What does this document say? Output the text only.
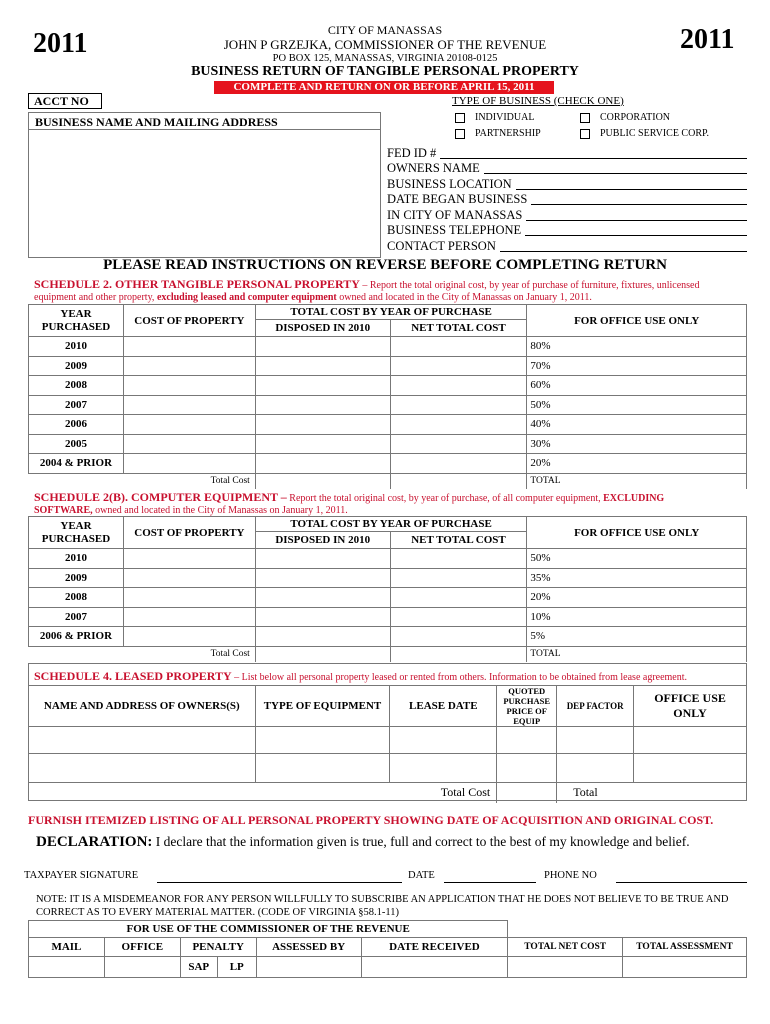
2011	2011
CITY OF MANASSAS
JOHN P GRZEJKA, COMMISSIONER OF THE REVENUE
PO BOX 125, MANASSAS, VIRGINIA 20108-0125
BUSINESS RETURN OF TANGIBLE PERSONAL PROPERTY
COMPLETE AND RETURN ON OR BEFORE APRIL 15, 2011
ACCT NO
BUSINESS NAME AND MAILING ADDRESS
TYPE OF BUSINESS (CHECK ONE)
INDIVIDUAL	CORPORATION
PARTNERSHIP	PUBLIC SERVICE CORP.
FED ID #
OWNERS NAME
BUSINESS LOCATION
DATE BEGAN BUSINESS
IN CITY OF MANASSAS
BUSINESS TELEPHONE
CONTACT PERSON
PLEASE READ INSTRUCTIONS ON REVERSE BEFORE COMPLETING RETURN
SCHEDULE 2. OTHER TANGIBLE PERSONAL PROPERTY – Report the total original cost, by year of purchase of furniture, fixtures, unlicensed
equipment and other property, excluding leased and computer equipment owned and located in the City of Manassas on January 1, 2011.
YEAR PURCHASED	COST OF PROPERTY	TOTAL COST BY YEAR OF PURCHASE		FOR OFFICE USE ONLY
		DISPOSED IN 2010	NET TOTAL COST	
2010				80%
2009				70%
2008				60%
2007				50%
2006				40%
2005				30%
2004 & PRIOR				20%
Total Cost				TOTAL
SCHEDULE 2(B). COMPUTER EQUIPMENT – Report the total original cost, by year of purchase, of all computer equipment, EXCLUDING
SOFTWARE, owned and located in the City of Manassas on January 1, 2011.
YEAR PURCHASED	COST OF PROPERTY	TOTAL COST BY YEAR OF PURCHASE		FOR OFFICE USE ONLY
		DISPOSED IN 2010	NET TOTAL COST	
2010				50%
2009				35%
2008				20%
2007				10%
2006 & PRIOR				5%
Total Cost				TOTAL
SCHEDULE 4. LEASED PROPERTY – List below all personal property leased or rented from others. Information to be obtained from lease agreement.
NAME AND ADDRESS OF OWNERS(S)	TYPE OF EQUIPMENT	LEASE DATE	QUOTED PURCHASE PRICE OF EQUIP	DEP FACTOR	OFFICE USE ONLY

Total Cost				Total	
FURNISH ITEMIZED LISTING OF ALL PERSONAL PROPERTY SHOWING DATE OF ACQUISITION AND ORIGINAL COST.
DECLARATION: I declare that the information given is true, full and correct to the best of my knowledge and belief.
TAXPAYER SIGNATURE	DATE	PHONE NO
NOTE: IT IS A MISDEMEANOR FOR ANY PERSON WILLFULLY TO SUBSCRIBE AN APPLICATION THAT HE DOES NOT BELIEVE TO BE TRUE AND CORRECT AS TO EVERY MATERIAL MATTER. (CODE OF VIRGINIA §58.1-11)
FOR USE OF THE COMMISSIONER OF THE REVENUE							
MAIL	OFFICE	PENALTY		ASSESSED BY	DATE RECEIVED	TOTAL NET COST	TOTAL ASSESSMENT
		SAP	LP				
